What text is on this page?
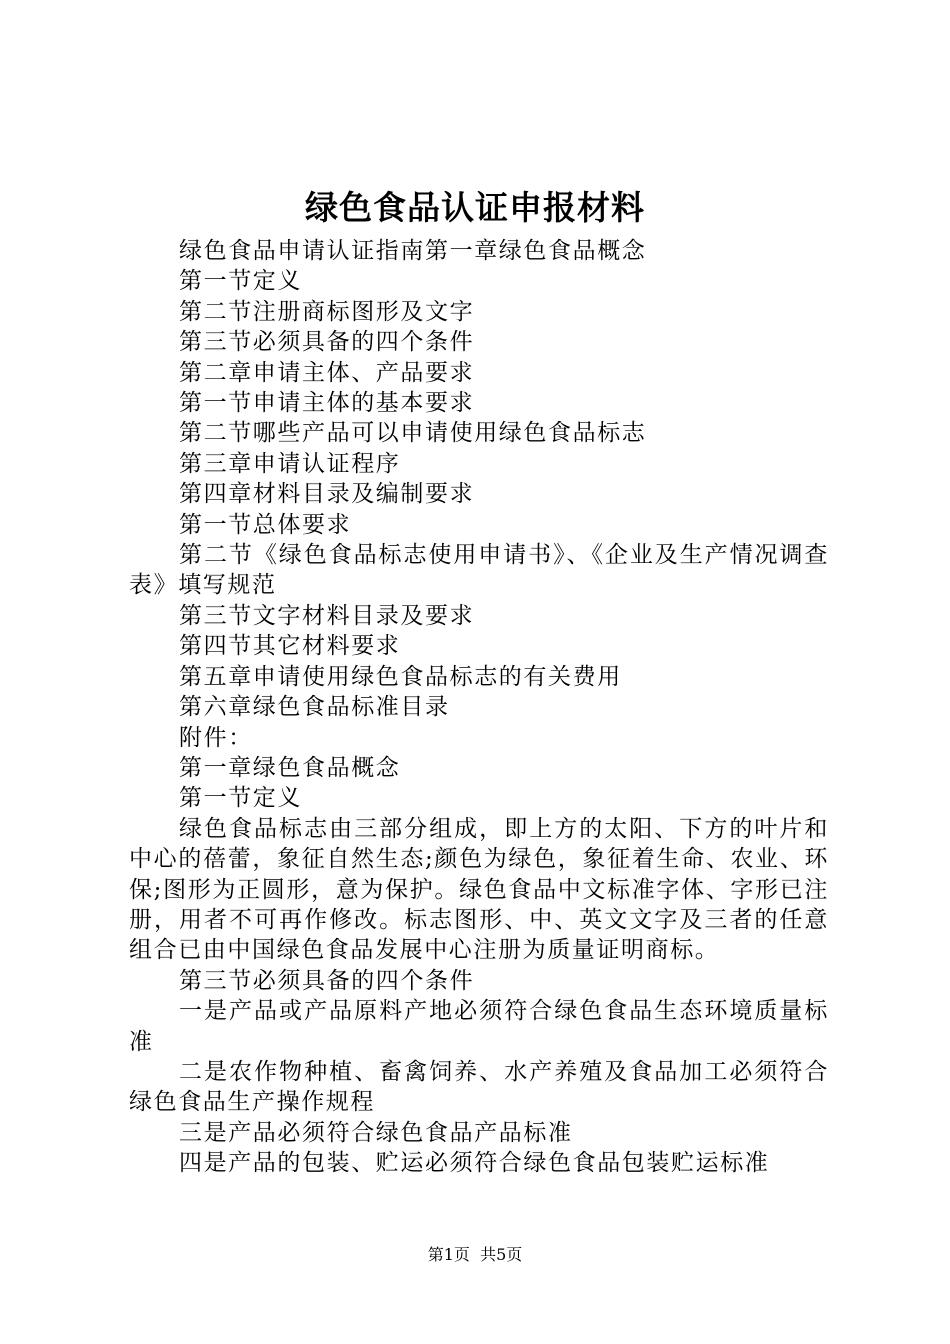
绿色食品认证申报材料

绿色食品申请认证指南第一章绿色食品概念

第一节定义

第二节注册商标图形及文字

第三节必须具备的四个条件

第二章申请主体、产品要求

第一节申请主体的基本要求

第二节哪些产品可以申请使用绿色食品标志

第三章申请认证程序

第四章材料目录及编制要求

第一节总体要求

第二节《绿色食品标志使用申请书》、《企业及生产情况调查表》填写规范

第三节文字材料目录及要求

第四节其它材料要求

第五章申请使用绿色食品标志的有关费用

第六章绿色食品标准目录

附件：

第一章绿色食品概念

第一节定义

绿色食品标志由三部分组成，即上方的太阳、下方的叶片和中心的蓓蕾，象征自然生态;颜色为绿色，象征着生命、农业、环保;图形为正圆形，意为保护。绿色食品中文标准字体、字形已注册，用者不可再作修改。标志图形、中、英文文字及三者的任意组合已由中国绿色食品发展中心注册为质量证明商标。

第三节必须具备的四个条件

一是产品或产品原料产地必须符合绿色食品生态环境质量标准

二是农作物种植、畜禽饲养、水产养殖及食品加工必须符合绿色食品生产操作规程

三是产品必须符合绿色食品产品标准

四是产品的包装、贮运必须符合绿色食品包装贮运标准

第1页  共5页
